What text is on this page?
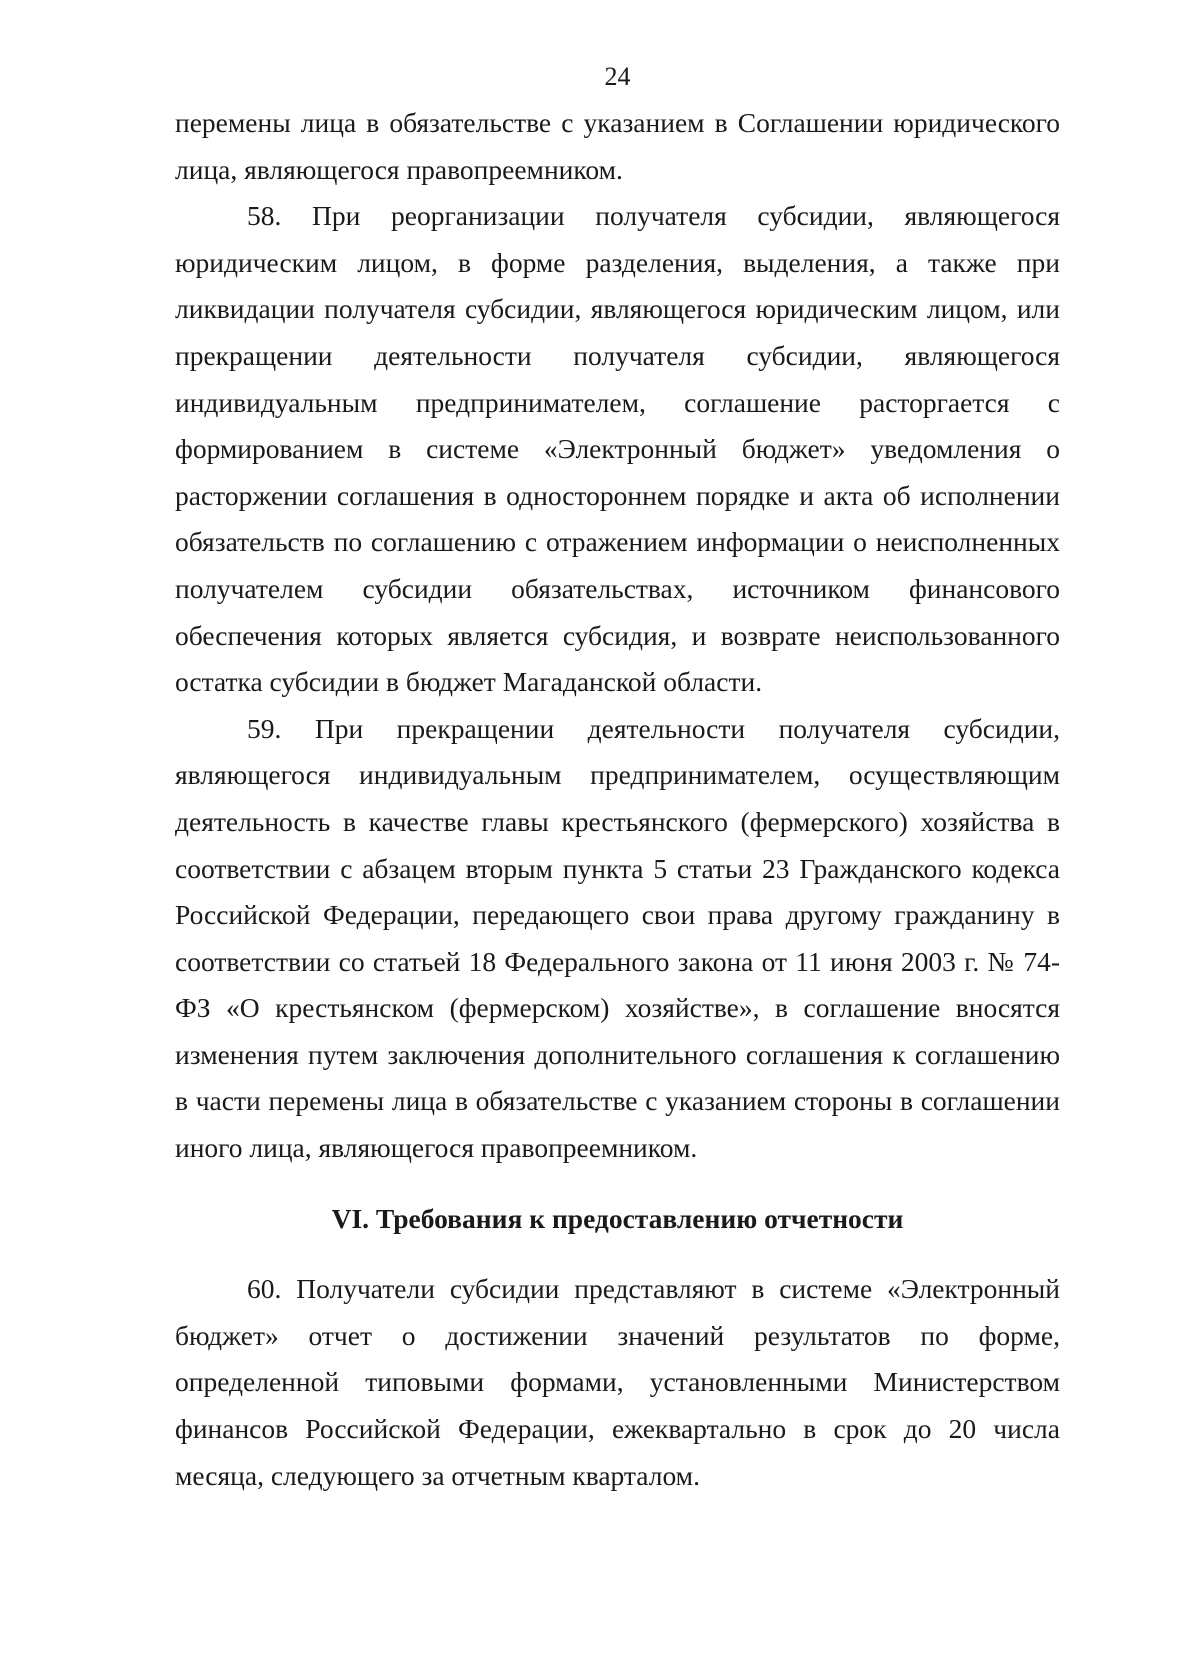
24

перемены лица в обязательстве с указанием в Соглашении юридического лица, являющегося правопреемником.

58. При реорганизации получателя субсидии, являющегося юридическим лицом, в форме разделения, выделения, а также при ликвидации получателя субсидии, являющегося юридическим лицом, или прекращении деятельности получателя субсидии, являющегося индивидуальным предпринимателем, соглашение расторгается с формированием в системе «Электронный бюджет» уведомления о расторжении соглашения в одностороннем порядке и акта об исполнении обязательств по соглашению с отражением информации о неисполненных получателем субсидии обязательствах, источником финансового обеспечения которых является субсидия, и возврате неиспользованного остатка субсидии в бюджет Магаданской области.

59. При прекращении деятельности получателя субсидии, являющегося индивидуальным предпринимателем, осуществляющим деятельность в качестве главы крестьянского (фермерского) хозяйства в соответствии с абзацем вторым пункта 5 статьи 23 Гражданского кодекса Российской Федерации, передающего свои права другому гражданину в соответствии со статьей 18 Федерального закона от 11 июня 2003 г. № 74-ФЗ «О крестьянском (фермерском) хозяйстве», в соглашение вносятся изменения путем заключения дополнительного соглашения к соглашению в части перемены лица в обязательстве с указанием стороны в соглашении иного лица, являющегося правопреемником.

VI. Требования к предоставлению отчетности

60. Получатели субсидии представляют в системе «Электронный бюджет» отчет о достижении значений результатов по форме, определенной типовыми формами, установленными Министерством финансов Российской Федерации, ежеквартально в срок до 20 числа месяца, следующего за отчетным кварталом.
